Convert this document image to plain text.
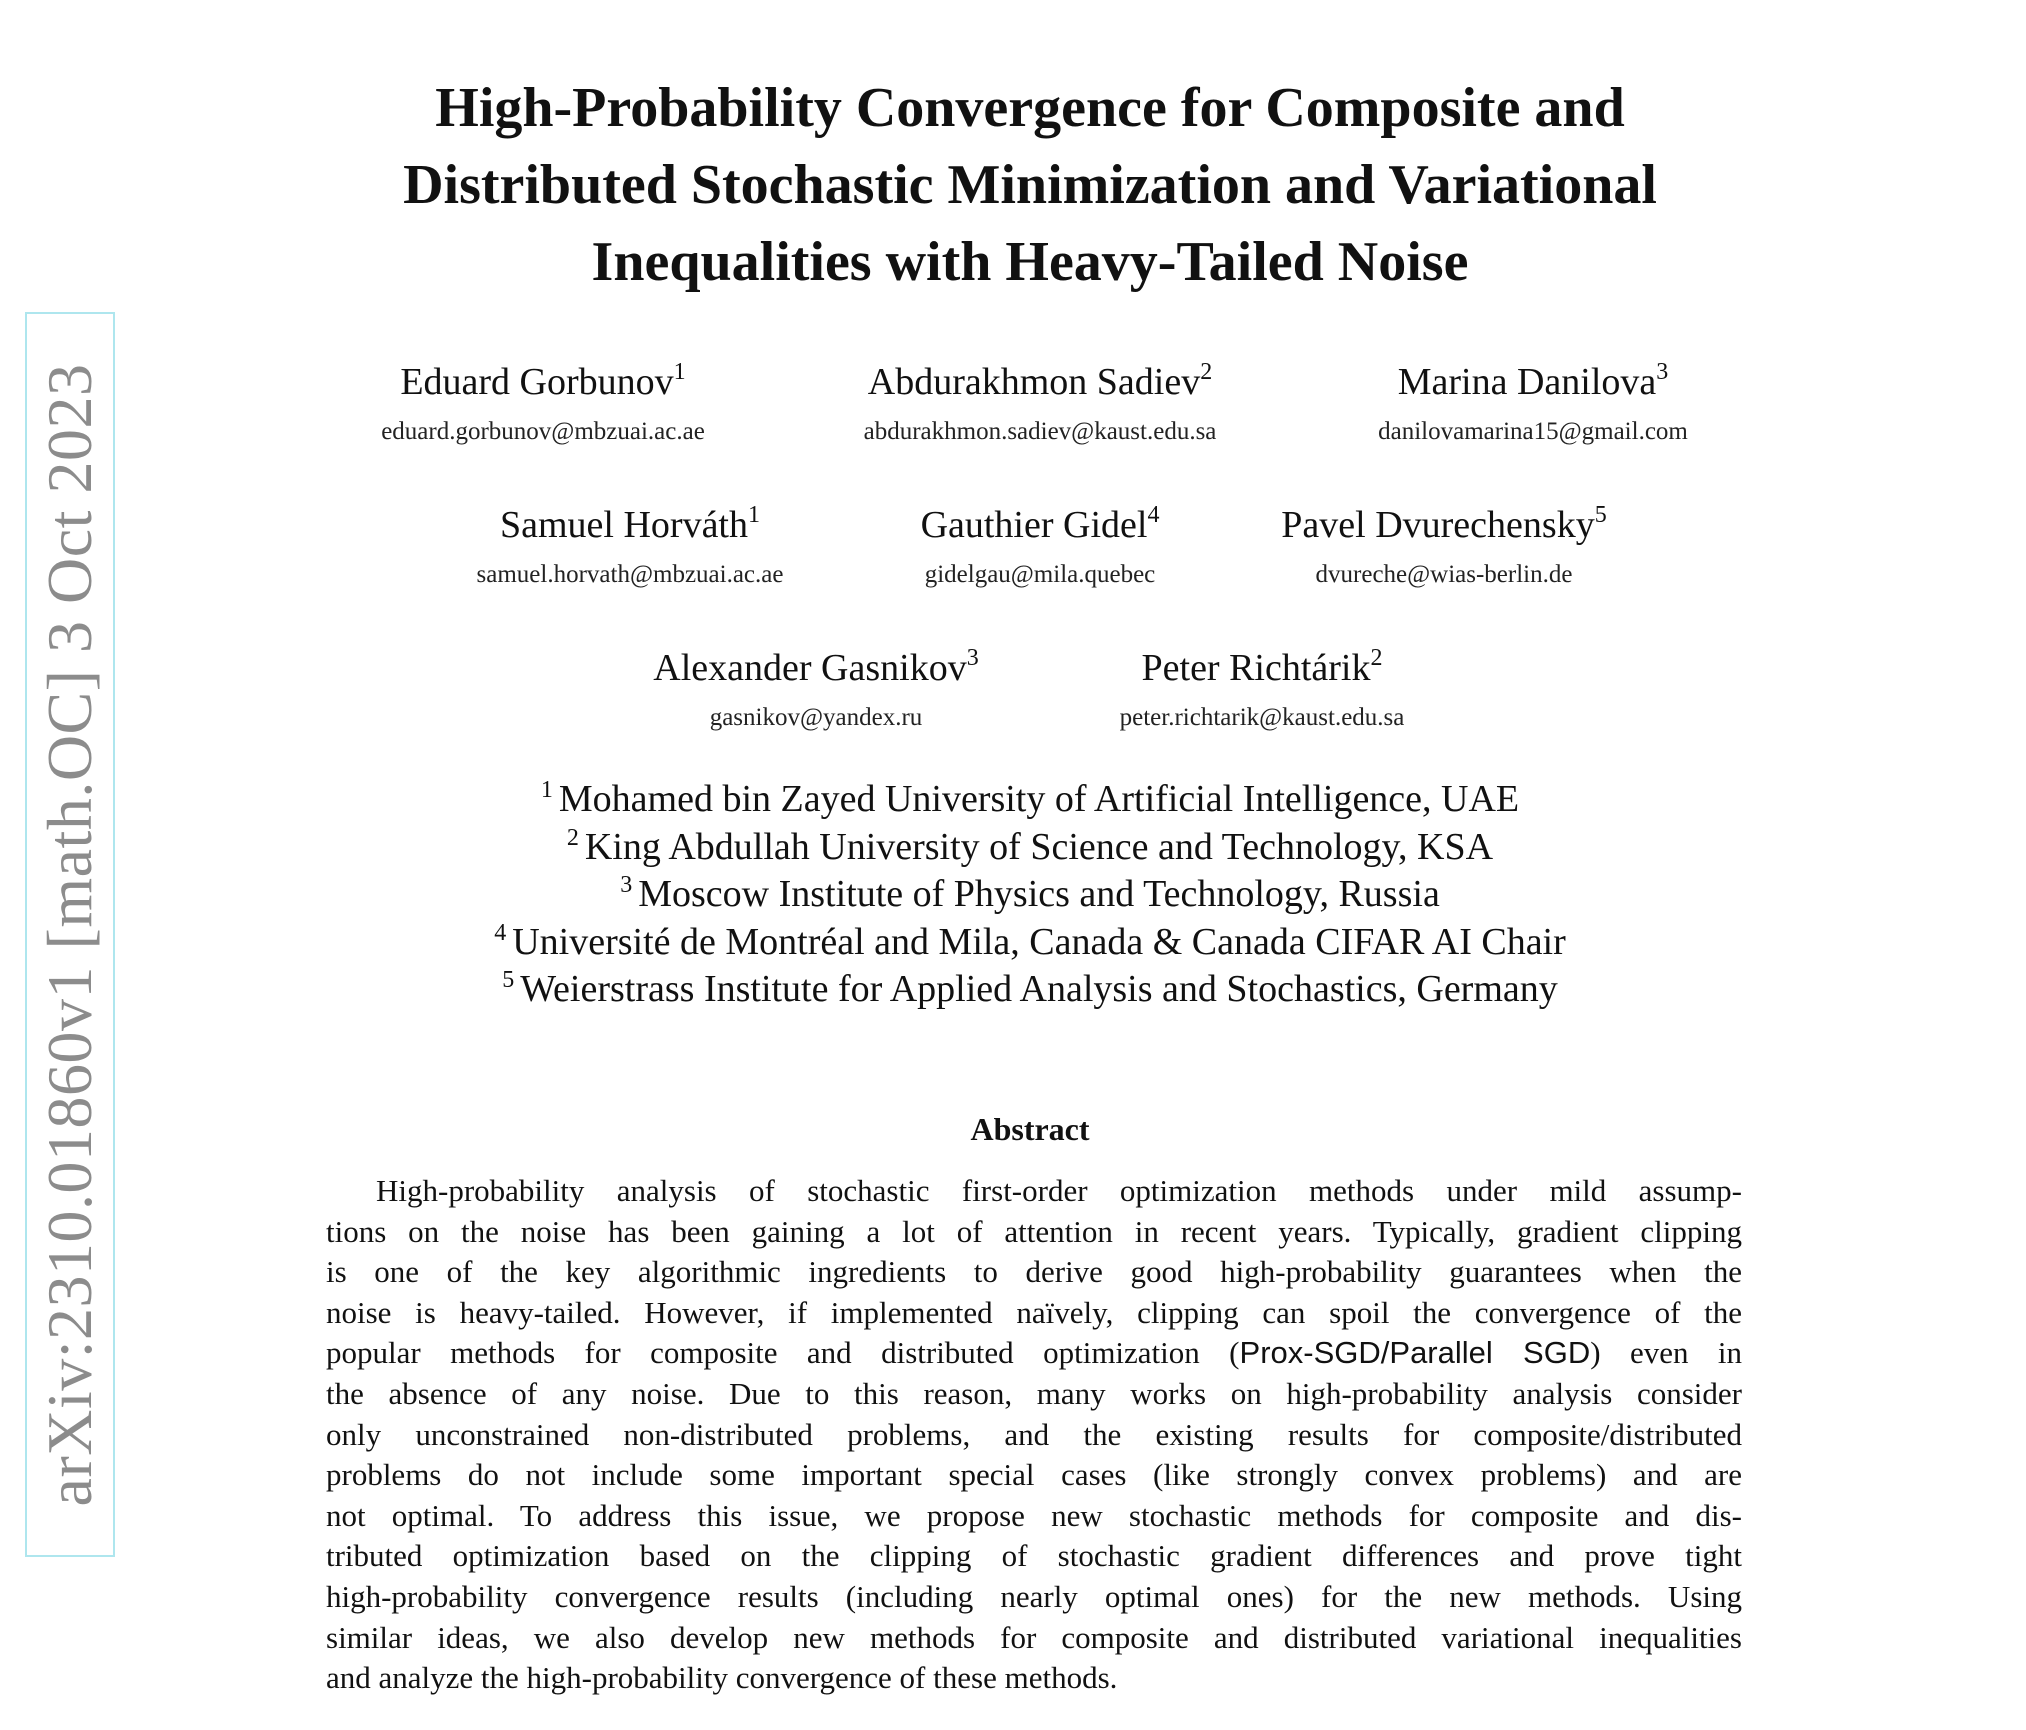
arXiv:2310.01860v1 [math.OC] 3 Oct 2023
High-Probability Convergence for Composite and
Distributed Stochastic Minimization and Variational
Inequalities with Heavy-Tailed Noise
Eduard Gorbunov$^1$
eduard.gorbunov@mbzuai.ac.ae
Abdurakhmon Sadiev$^2$
abdurakhmon.sadiev@kaust.edu.sa
Marina Danilova$^3$
danilovamarina15@gmail.com
Samuel Horváth$^1$
samuel.horvath@mbzuai.ac.ae
Gauthier Gidel$^4$
gidelgau@mila.quebec
Pavel Dvurechensky$^5$
dvureche@wias-berlin.de
Alexander Gasnikov$^3$
gasnikov@yandex.ru
Peter Richtárik$^2$
peter.richtarik@kaust.edu.sa
$^1$ Mohamed bin Zayed University of Artificial Intelligence, UAE
$^2$ King Abdullah University of Science and Technology, KSA
$^3$ Moscow Institute of Physics and Technology, Russia
$^4$ Université de Montréal and Mila, Canada & Canada CIFAR AI Chair
$^5$ Weierstrass Institute for Applied Analysis and Stochastics, Germany
Abstract
High-probability analysis of stochastic first-order optimization methods under mild assump-
tions on the noise has been gaining a lot of attention in recent years. Typically, gradient clipping
is one of the key algorithmic ingredients to derive good high-probability guarantees when the
noise is heavy-tailed. However, if implemented naïvely, clipping can spoil the convergence of the
popular methods for composite and distributed optimization (Prox-SGD/Parallel SGD) even in
the absence of any noise. Due to this reason, many works on high-probability analysis consider
only unconstrained non-distributed problems, and the existing results for composite/distributed
problems do not include some important special cases (like strongly convex problems) and are
not optimal. To address this issue, we propose new stochastic methods for composite and dis-
tributed optimization based on the clipping of stochastic gradient differences and prove tight
high-probability convergence results (including nearly optimal ones) for the new methods. Using
similar ideas, we also develop new methods for composite and distributed variational inequalities
and analyze the high-probability convergence of these methods.
